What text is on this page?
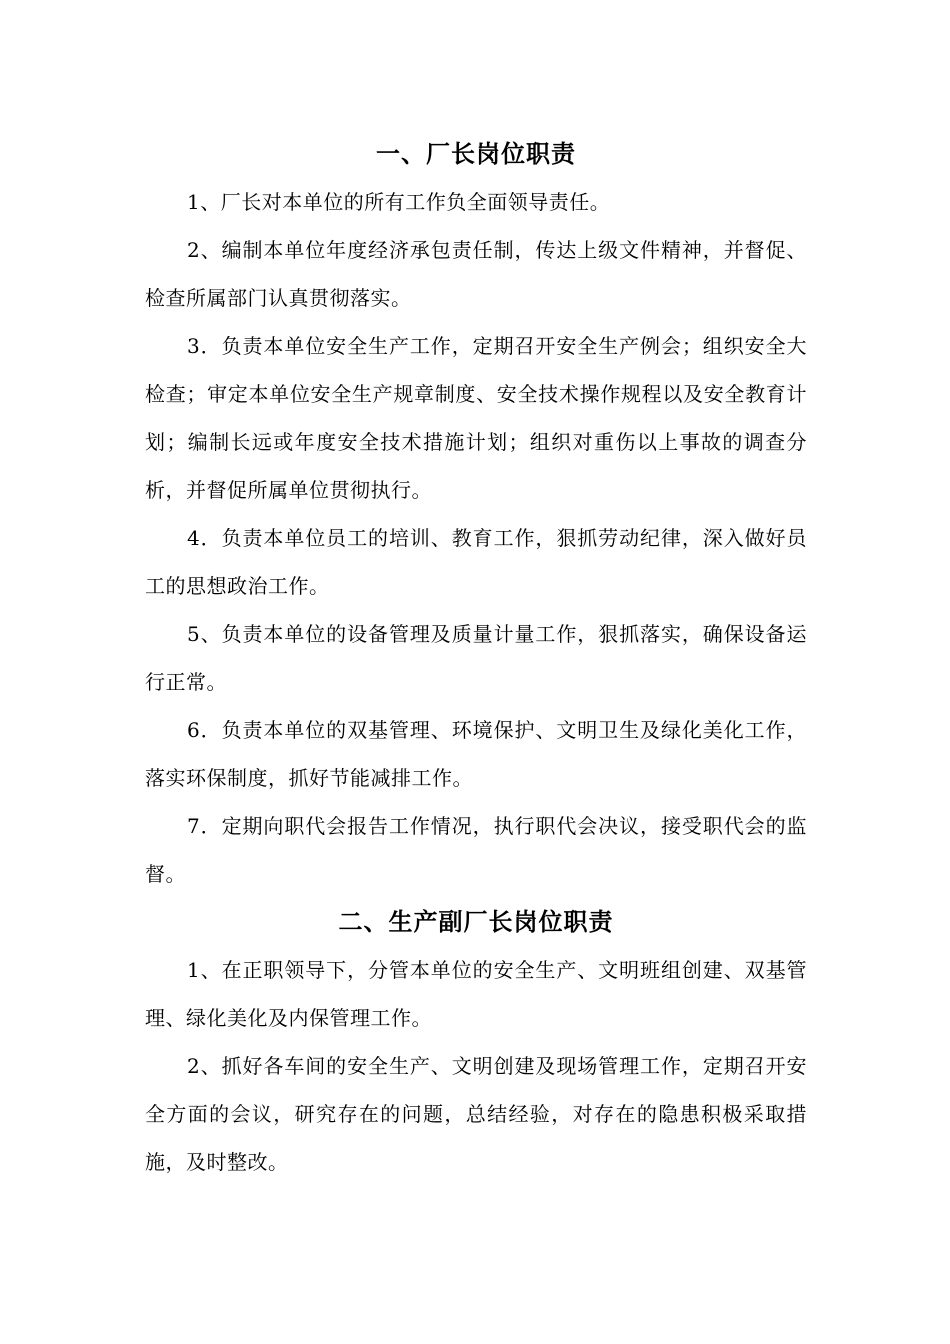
一、厂长岗位职责

1、厂长对本单位的所有工作负全面领导责任。

2、编制本单位年度经济承包责任制，传达上级文件精神，并督促、检查所属部门认真贯彻落实。

3．负责本单位安全生产工作，定期召开安全生产例会；组织安全大检查；审定本单位安全生产规章制度、安全技术操作规程以及安全教育计划；编制长远或年度安全技术措施计划；组织对重伤以上事故的调查分析，并督促所属单位贯彻执行。

4．负责本单位员工的培训、教育工作，狠抓劳动纪律，深入做好员工的思想政治工作。

5、负责本单位的设备管理及质量计量工作，狠抓落实，确保设备运行正常。

6．负责本单位的双基管理、环境保护、文明卫生及绿化美化工作，落实环保制度，抓好节能减排工作。

7．定期向职代会报告工作情况，执行职代会决议，接受职代会的监督。

二、生产副厂长岗位职责

1、在正职领导下，分管本单位的安全生产、文明班组创建、双基管理、绿化美化及内保管理工作。

2、抓好各车间的安全生产、文明创建及现场管理工作，定期召开安全方面的会议，研究存在的问题，总结经验，对存在的隐患积极采取措施，及时整改。
